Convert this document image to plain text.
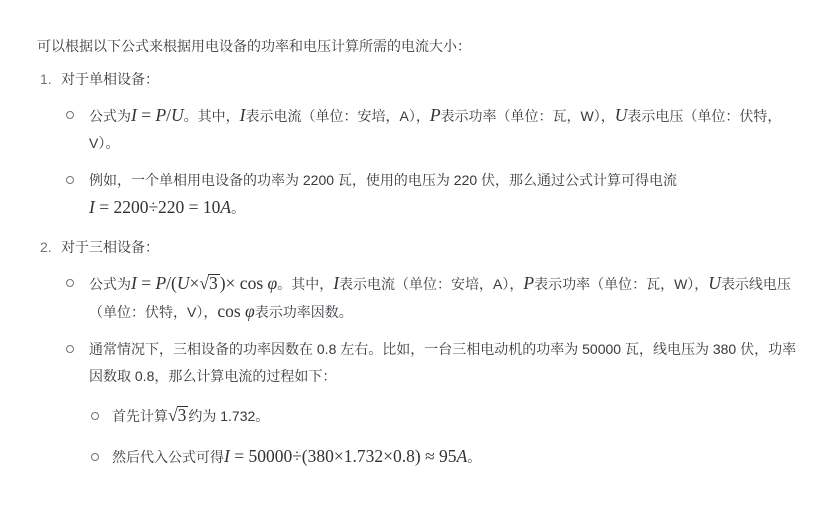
可以根据以下公式来根据用电设备的功率和电压计算所需的电流大小：

1. 对于单相设备：

公式为I = P/U。其中，I表示电流（单位：安培，A），P表示功率（单位：瓦，W），U表示电压（单位：伏特，V）。

例如，一个单相用电设备的功率为 2200 瓦，使用的电压为 220 伏，那么通过公式计算可得电流 I = 2200÷220 = 10A。

2. 对于三相设备：

公式为I = P/(U×√3 )× cos φ。其中，I表示电流（单位：安培，A），P表示功率（单位：瓦，W），U表示线电压（单位：伏特，V），cos φ表示功率因数。

通常情况下，三相设备的功率因数在 0.8 左右。比如，一台三相电动机的功率为 50000 瓦，线电压为 380 伏，功率因数取 0.8，那么计算电流的过程如下：

首先计算√3 约为 1.732。

然后代入公式可得I = 50000÷(380×1.732×0.8) ≈ 95A。
